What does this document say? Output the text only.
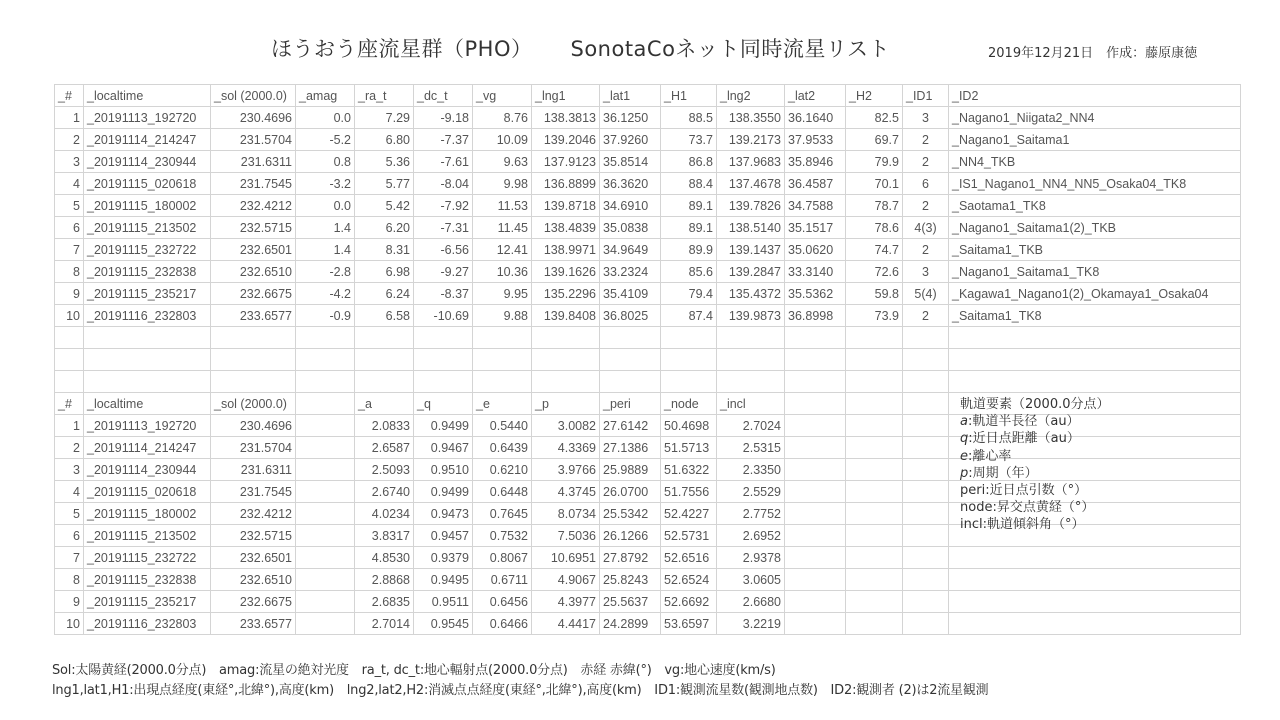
ほうおう座流星群（PHO） SonotaCoネット同時流星リスト	2019年12月21日　作成：藤原康徳
_#	_localtime	_sol (2000.0)	_amag	_ra_t	_dc_t	_vg	_lng1	_lat1	_H1	_lng2	_lat2	_H2	_ID1	_ID2
1	_20191113_192720	230.4696	0.0	7.29	-9.18	8.76	138.3813	36.1250	88.5	138.3550	36.1640	82.5	3	_Nagano1_Niigata2_NN4
2	_20191114_214247	231.5704	-5.2	6.80	-7.37	10.09	139.2046	37.9260	73.7	139.2173	37.9533	69.7	2	_Nagano1_Saitama1
3	_20191114_230944	231.6311	0.8	5.36	-7.61	9.63	137.9123	35.8514	86.8	137.9683	35.8946	79.9	2	_NN4_TKB
4	_20191115_020618	231.7545	-3.2	5.77	-8.04	9.98	136.8899	36.3620	88.4	137.4678	36.4587	70.1	6	_IS1_Nagano1_NN4_NN5_Osaka04_TK8
5	_20191115_180002	232.4212	0.0	5.42	-7.92	11.53	139.8718	34.6910	89.1	139.7826	34.7588	78.7	2	_Saotama1_TK8
6	_20191115_213502	232.5715	1.4	6.20	-7.31	11.45	138.4839	35.0838	89.1	138.5140	35.1517	78.6	4(3)	_Nagano1_Saitama1(2)_TKB
7	_20191115_232722	232.6501	1.4	8.31	-6.56	12.41	138.9971	34.9649	89.9	139.1437	35.0620	74.7	2	_Saitama1_TKB
8	_20191115_232838	232.6510	-2.8	6.98	-9.27	10.36	139.1626	33.2324	85.6	139.2847	33.3140	72.6	3	_Nagano1_Saitama1_TK8
9	_20191115_235217	232.6675	-4.2	6.24	-8.37	9.95	135.2296	35.4109	79.4	135.4372	35.5362	59.8	5(4)	_Kagawa1_Nagano1(2)_Okamaya1_Osaka04
10	_20191116_232803	233.6577	-0.9	6.58	-10.69	9.88	139.8408	36.8025	87.4	139.9873	36.8998	73.9	2	_Saitama1_TK8

_#	_localtime	_sol (2000.0)		_a	_q	_e	_p	_peri	_node	_incl				
1	_20191113_192720	230.4696		2.0833	0.9499	0.5440	3.0082	27.6142	50.4698	2.7024				
2	_20191114_214247	231.5704		2.6587	0.9467	0.6439	4.3369	27.1386	51.5713	2.5315				
3	_20191114_230944	231.6311		2.5093	0.9510	0.6210	3.9766	25.9889	51.6322	2.3350				
4	_20191115_020618	231.7545		2.6740	0.9499	0.6448	4.3745	26.0700	51.7556	2.5529				
5	_20191115_180002	232.4212		4.0234	0.9473	0.7645	8.0734	25.5342	52.4227	2.7752				
6	_20191115_213502	232.5715		3.8317	0.9457	0.7532	7.5036	26.1266	52.5731	2.6952				
7	_20191115_232722	232.6501		4.8530	0.9379	0.8067	10.6951	27.8792	52.6516	2.9378				
8	_20191115_232838	232.6510		2.8868	0.9495	0.6711	4.9067	25.8243	52.6524	3.0605				
9	_20191115_235217	232.6675		2.6835	0.9511	0.6456	4.3977	25.5637	52.6692	2.6680				
10	_20191116_232803	233.6577		2.7014	0.9545	0.6466	4.4417	24.2899	53.6597	3.2219				
軌道要素（2000.0分点）
a:軌道半長径（au）
q:近日点距離（au）
e:離心率
p:周期（年）
peri:近日点引数（°）
node:昇交点黄経（°）
incl:軌道傾斜角（°）
Sol:太陽黄経(2000.0分点)　amag:流星の絶対光度　ra_t, dc_t:地心輻射点(2000.0分点)　赤経 赤緯(°)　vg:地心速度(km/s)
lng1,lat1,H1:出現点経度(東経°,北緯°),高度(km)　lng2,lat2,H2:消滅点点経度(東経°,北緯°),高度(km)　ID1:観測流星数(観測地点数)　ID2:観測者 (2)は2流星観測
